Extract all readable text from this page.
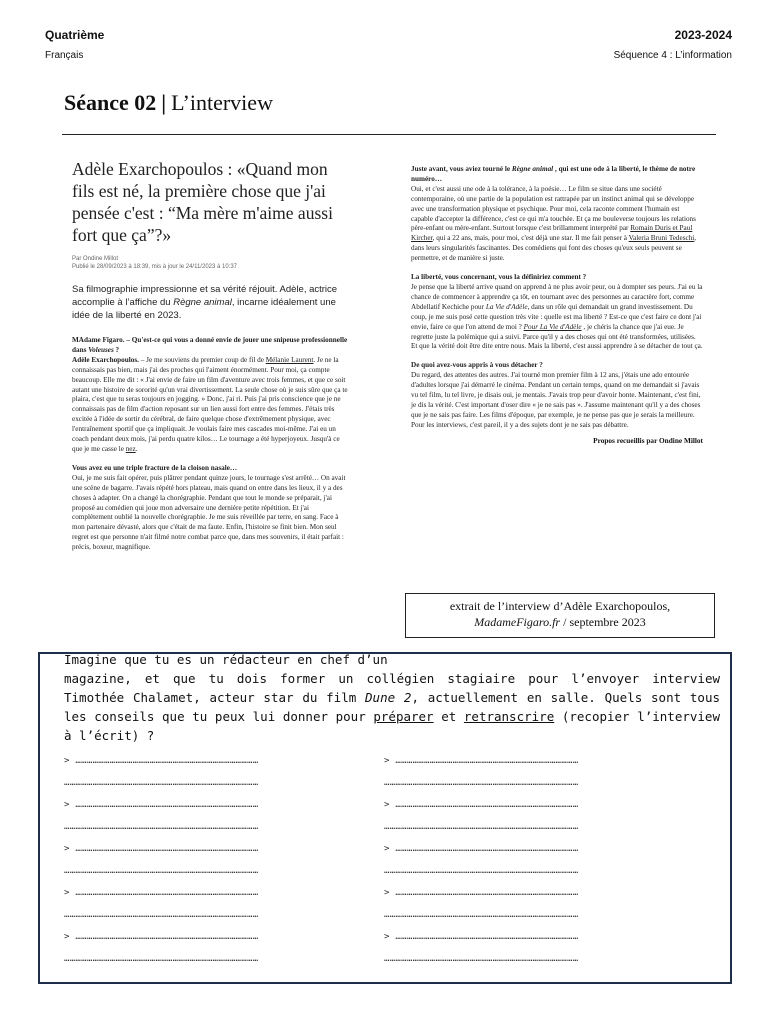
Quatrième
Français
2023-2024
Séquence 4 : L’information
Séance 02 | L’interview
Adèle Exarchopoulos : «Quand mon fils est né, la première chose que j'ai pensée c'est : “Ma mère m'aime aussi fort que ça”?»
Par Ondine Millot
Publié le 28/09/2023 à 18:39, mis à jour le 24/11/2023 à 10:37
Sa filmographie impressionne et sa vérité réjouit. Adèle, actrice accomplie à l’affiche du Règne animal, incarne idéalement une idée de la liberté en 2023.

MAdame Figaro. – Qu'est-ce qui vous a donné envie de jouer une snipeuse professionnelle dans Voleuses ?

Adèle Exarchopoulos. – Je me souviens du premier coup de fil de Mélanie Laurent. Je ne la connaissais pas bien, mais j'ai des proches qui l'aiment énormément. Pour moi, ça compte beaucoup. Elle me dit : « J'ai envie de faire un film d'aventure avec trois femmes, et que ce soit autant une histoire de sororité qu'un vrai divertissement. La seule chose où je suis sûre que ça te plaira, c'est que tu seras toujours en jogging. » Donc, j'ai ri. Puis j'ai pris conscience que je ne connaissais pas de film d'action reposant sur un lien aussi fort entre des femmes. J'étais très excitée à l'idée de sortir du cérébral, de faire quelque chose d'extrêmement physique, avec l'entraînement sportif que ça impliquait. Je voulais faire mes cascades moi-même. J'ai eu un coach pendant deux mois, j'ai perdu quatre kilos… Le tournage a été hyperjoyeux. Jusqu'à ce que je me casse le nez.

Vous avez eu une triple fracture de la cloison nasale…

Oui, je me suis fait opérer, puis plâtrer pendant quinze jours, le tournage s'est arrêté… On avait une scène de bagarre. J'avais répété hors plateau, mais quand on entre dans les lieux, il y a des choses à adapter. On a changé la chorégraphie. Pendant que tout le monde se préparait, j'ai proposé au comédien qui joue mon adversaire une dernière petite répétition. Et j'ai complètement oublié la nouvelle chorégraphie. Je me suis réveillée par terre, en sang. Face à mon partenaire dévasté, alors que c'était de ma faute. Enfin, l'histoire se finit bien. Mon seul regret est que personne n'ait filmé notre combat parce que, dans mes souvenirs, il était parfait : précis, boxeur, magnifique.

Juste avant, vous aviez tourné le Règne animal , qui est une ode à la liberté, le thème de notre numéro…

Oui, et c'est aussi une ode à la tolérance, à la poésie… Le film se situe dans une société contemporaine, où une partie de la population est rattrapée par un instinct animal qui se développe avec une transformation physique et psychique. Pour moi, cela raconte comment l'humain est capable d'accepter la différence, c'est ce qui m'a touchée. Et ça me bouleverse toujours les relations père-enfant ou mère-enfant. Surtout lorsque c'est brillamment interprété par Romain Duris et Paul Kircher, qui a 22 ans, mais, pour moi, c'est déjà une star. Il me fait penser à Valeria Bruni Tedeschi, dans leurs singularités fascinantes. Des comédiens qui font des choses qu'eux seuls peuvent se permettre, et de manière si juste.

La liberté, vous concernant, vous la définiriez comment ?

Je pense que la liberté arrive quand on apprend à ne plus avoir peur, ou à dompter ses peurs. J'ai eu la chance de commencer à apprendre ça tôt, en tournant avec des personnes au caractère fort, comme Abdellatif Kechiche pour La Vie d'Adèle, dans un rôle qui demandait un grand investissement. Du coup, je me suis posé cette question très vite : quelle est ma liberté ? Est-ce que c'est faire ce dont j'ai envie, faire ce que l'on attend de moi ? Pour La Vie d'Adèle , je chéris la chance que j'ai eue. Je regrette juste la polémique qui a suivi. Parce qu'il y a des choses qui ont été transformées, utilisées. Et que la vérité doit être dite entre nous. Mais la liberté, c'est aussi apprendre à se détacher de tout ça.

De quoi avez-vous appris à vous détacher ?

Du regard, des attentes des autres. J'ai tourné mon premier film à 12 ans, j'étais une ado entourée d'adultes lorsque j'ai démarré le cinéma. Pendant un certain temps, quand on me demandait si j'avais vu tel film, lu tel livre, je disais oui, je mentais. J'avais trop peur d'avoir honte. Maintenant, c'est fini, je dis la vérité. C'est important d'oser dire « je ne sais pas ». J'assume maintenant qu'il y a des choses que je ne sais pas faire. Les films d'époque, par exemple, je ne pense pas que je serais la meilleure. Pour les interviews, c'est pareil, il y a des sujets dont je ne sais pas débattre.

Propos recueillis par Ondine Millot
extrait de l’interview d’Adèle Exarchopoulos,
MadameFigaro.fr / septembre 2023
Imagine que tu es un rédacteur en chef d’un
magazine, et que tu dois former un collégien stagiaire pour l’envoyer interview Timothée Chalamet, acteur star du film Dune 2, actuellement en salle. Quels sont tous les conseils que tu peux lui donner pour préparer et retranscrire (recopier l’interview à l’écrit) ?
> ……………………………………………………………………………………
…………………………………………………………………………………………
> ……………………………………………………………………………………
…………………………………………………………………………………………
> ……………………………………………………………………………………
…………………………………………………………………………………………
> ……………………………………………………………………………………
…………………………………………………………………………………………
> ……………………………………………………………………………………
…………………………………………………………………………………………
> ……………………………………………………………………………………
…………………………………………………………………………………………
> ……………………………………………………………………………………
…………………………………………………………………………………………
> ……………………………………………………………………………………
…………………………………………………………………………………………
> ……………………………………………………………………………………
…………………………………………………………………………………………
> ……………………………………………………………………………………
…………………………………………………………………………………………
